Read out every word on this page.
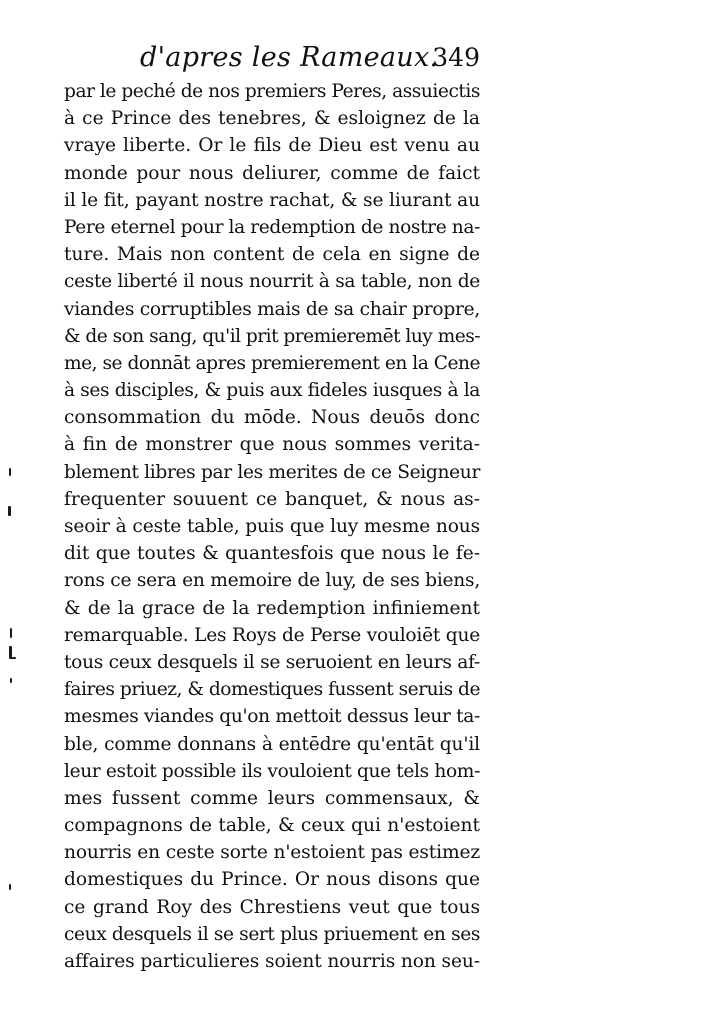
d'apres les Rameaux.
349
par le peché de nos premiers Peres, assuiectis
à ce Prince des tenebres, & esloignez de la
vraye liberte. Or le fils de Dieu est venu au
monde pour nous deliurer, comme de faict
il le fit, payant nostre rachat, & se liurant au
Pere eternel pour la redemption de nostre na-
ture. Mais non content de cela en signe de
ceste liberté il nous nourrit à sa table, non de
viandes corruptibles mais de sa chair propre,
& de son sang, qu'il prit premieremēt luy mes-
me, se donnāt apres premierement en la Cene
à ses disciples, & puis aux fideles iusques à la
consommation du mōde. Nous deuōs donc
à fin de monstrer que nous sommes verita-
blement libres par les merites de ce Seigneur
frequenter souuent ce banquet, & nous as-
seoir à ceste table, puis que luy mesme nous
dit que toutes & quantesfois que nous le fe-
rons ce sera en memoire de luy, de ses biens,
& de la grace de la redemption infiniement
remarquable. Les Roys de Perse vouloiēt que
tous ceux desquels il se seruoient en leurs af-
faires priuez, & domestiques fussent seruis de
mesmes viandes qu'on mettoit dessus leur ta-
ble, comme donnans à entēdre qu'entāt qu'il
leur estoit possible ils vouloient que tels hom-
mes fussent comme leurs commensaux, &
compagnons de table, & ceux qui n'estoient
nourris en ceste sorte n'estoient pas estimez
domestiques du Prince. Or nous disons que
ce grand Roy des Chrestiens veut que tous
ceux desquels il se sert plus priuement en ses
affaires particulieres soient nourris non seu-
